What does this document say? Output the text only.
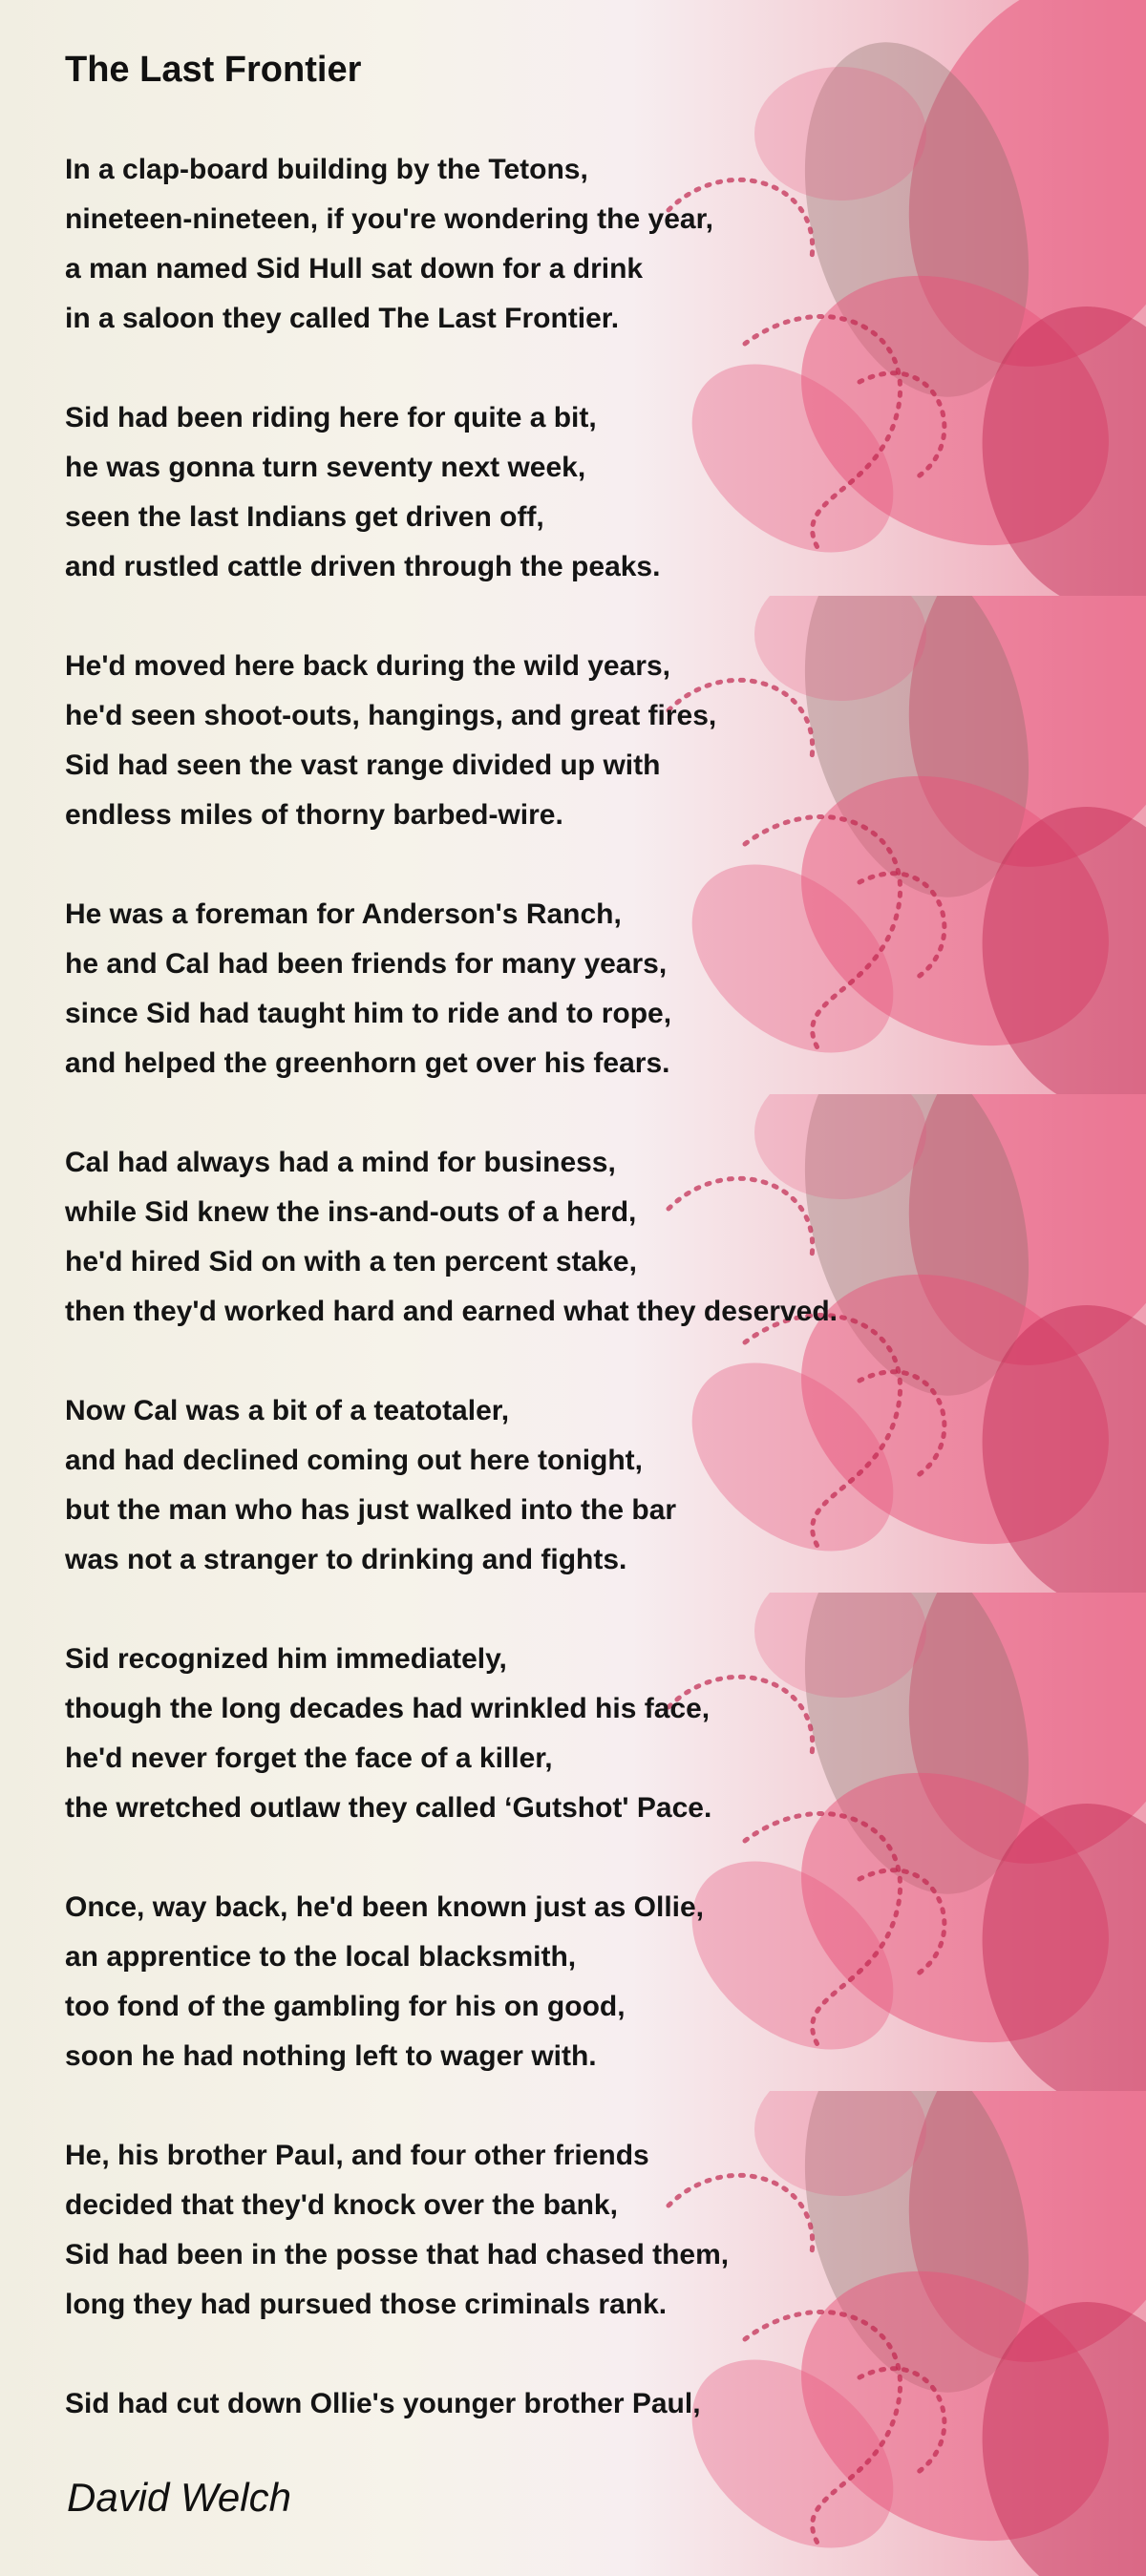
The Last Frontier
In a clap-board building by the Tetons,
nineteen-nineteen, if you're wondering the year,
a man named Sid Hull sat down for a drink
in a saloon they called The Last Frontier.
Sid had been riding here for quite a bit,
he was gonna turn seventy next week,
seen the last Indians get driven off,
and rustled cattle driven through the peaks.
He'd moved here back during the wild years,
he'd seen shoot-outs, hangings, and great fires,
Sid had seen the vast range divided up with
endless miles of thorny barbed-wire.
He was a foreman for Anderson's Ranch,
he and Cal had been friends for many years,
since Sid had taught him to ride and to rope,
and helped the greenhorn get over his fears.
Cal had always had a mind for business,
while Sid knew the ins-and-outs of a herd,
he'd hired Sid on with a ten percent stake,
then they'd worked hard and earned what they deserved.
Now Cal was a bit of a teatotaler,
and had declined coming out here tonight,
but the man who has just walked into the bar
was not a stranger to drinking and fights.
Sid recognized him immediately,
though the long decades had wrinkled his face,
he'd never forget the face of a killer,
the wretched outlaw they called ‘Gutshot' Pace.
Once, way back, he'd been known just as Ollie,
an apprentice to the local blacksmith,
too fond of the gambling for his on good,
soon he had nothing left to wager with.
He, his brother Paul, and four other friends
decided that they'd knock over the bank,
Sid had been in the posse that had chased them,
long they had pursued those criminals rank.
Sid had cut down Ollie's younger brother Paul,
David Welch
